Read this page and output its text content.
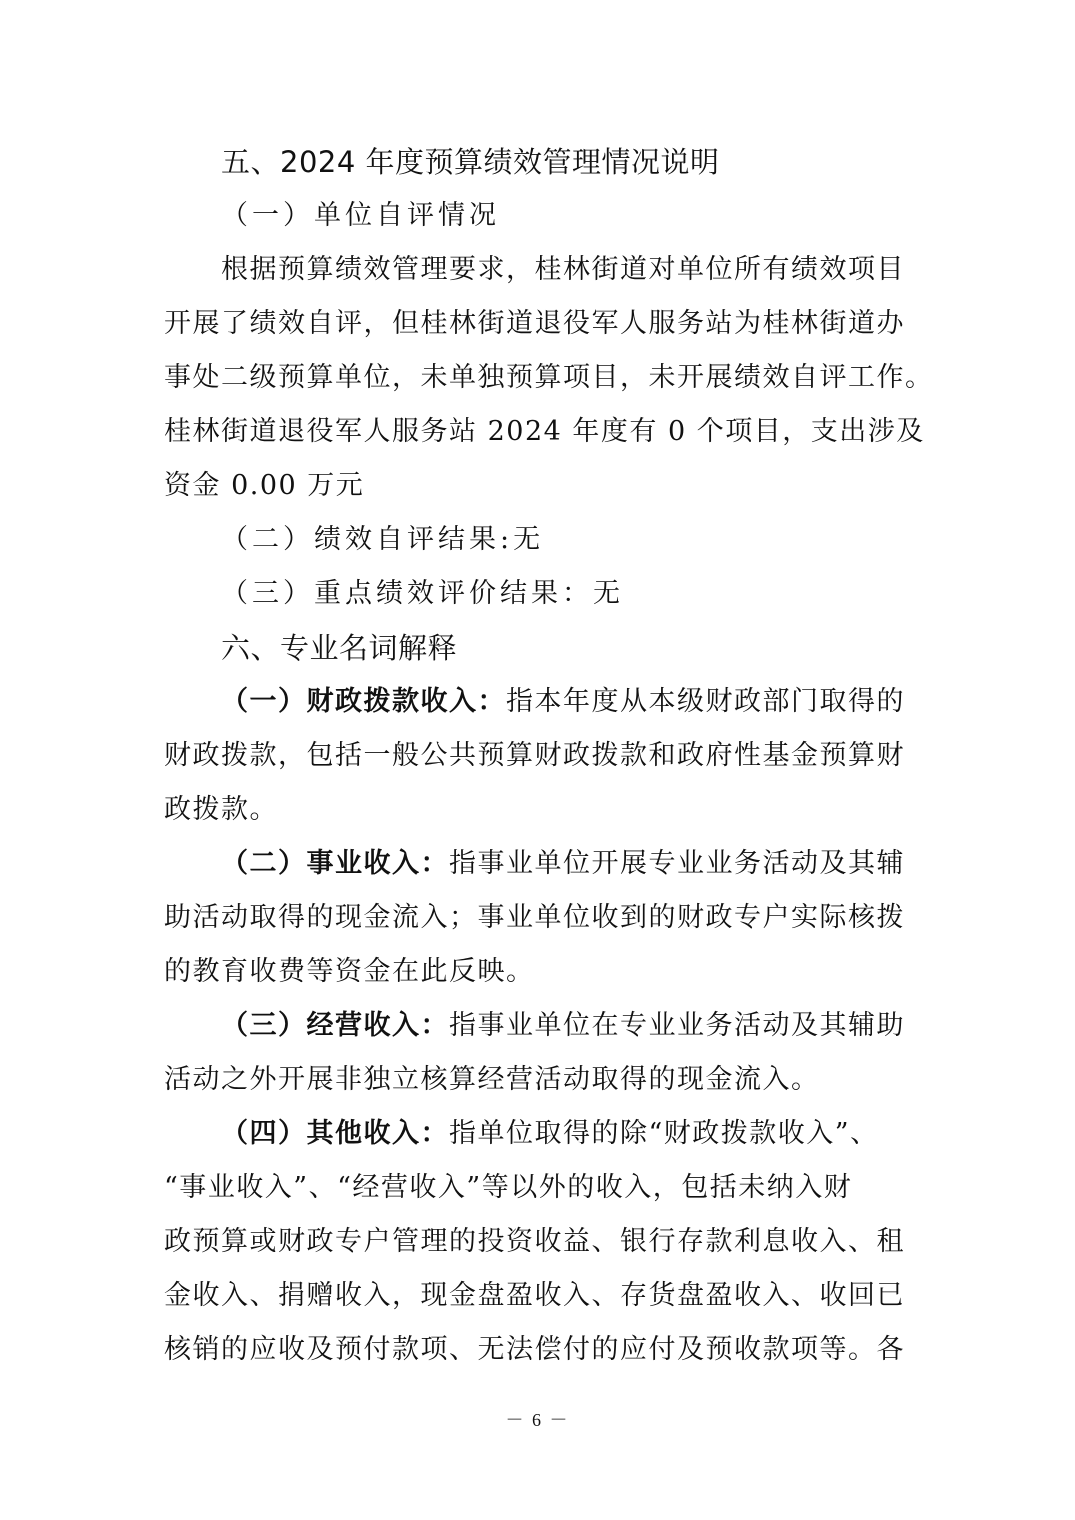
五、2024 年度预算绩效管理情况说明
（一）单位自评情况
根据预算绩效管理要求，桂林街道对单位所有绩效项目
开展了绩效自评，但桂林街道退役军人服务站为桂林街道办
事处二级预算单位，未单独预算项目，未开展绩效自评工作。
桂林街道退役军人服务站 2024 年度有 0 个项目，支出涉及
资金 0.00 万元
（二）绩效自评结果:无
（三）重点绩效评价结果：无
六、专业名词解释
（一）财政拨款收入：指本年度从本级财政部门取得的
财政拨款，包括一般公共预算财政拨款和政府性基金预算财
政拨款。
（二）事业收入：指事业单位开展专业业务活动及其辅
助活动取得的现金流入；事业单位收到的财政专户实际核拨
的教育收费等资金在此反映。
（三）经营收入：指事业单位在专业业务活动及其辅助
活动之外开展非独立核算经营活动取得的现金流入。
（四）其他收入：指单位取得的除“财政拨款收入”、
“事业收入”、“经营收入”等以外的收入，包括未纳入财
政预算或财政专户管理的投资收益、银行存款利息收入、租
金收入、捐赠收入，现金盘盈收入、存货盘盈收入、收回已
核销的应收及预付款项、无法偿付的应付及预收款项等。各
－ 6 －
